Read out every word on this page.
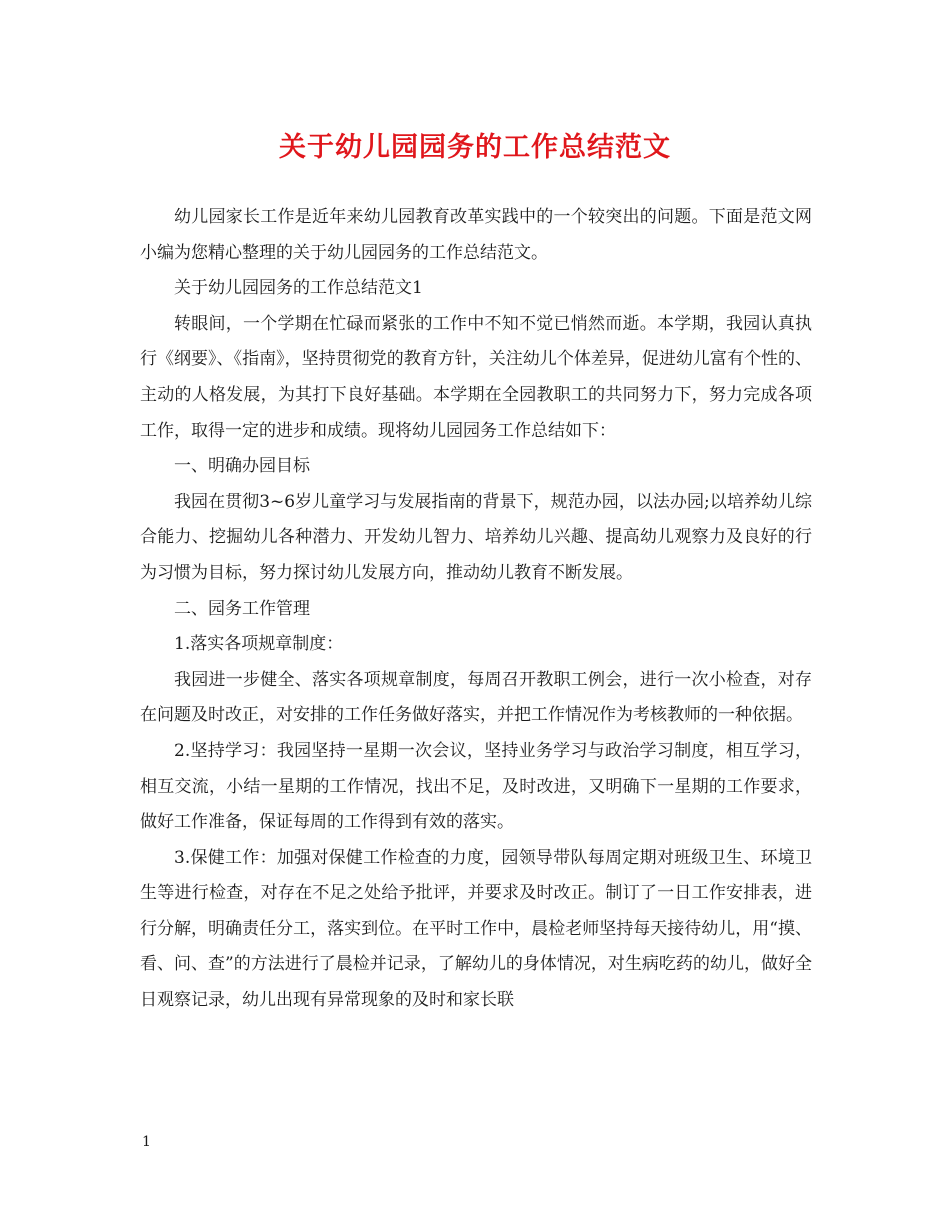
关于幼儿园园务的工作总结范文

幼儿园家长工作是近年来幼儿园教育改革实践中的一个较突出的问题。下面是范文网小编为您精心整理的关于幼儿园园务的工作总结范文。

关于幼儿园园务的工作总结范文1

转眼间，一个学期在忙碌而紧张的工作中不知不觉已悄然而逝。本学期，我园认真执行《纲要》、《指南》，坚持贯彻党的教育方针，关注幼儿个体差异，促进幼儿富有个性的、主动的人格发展，为其打下良好基础。本学期在全园教职工的共同努力下，努力完成各项工作，取得一定的进步和成绩。现将幼儿园园务工作总结如下：

一、明确办园目标

我园在贯彻3~6岁儿童学习与发展指南的背景下，规范办园，以法办园;以培养幼儿综合能力、挖掘幼儿各种潜力、开发幼儿智力、培养幼儿兴趣、提高幼儿观察力及良好的行为习惯为目标，努力探讨幼儿发展方向，推动幼儿教育不断发展。

二、园务工作管理

1.落实各项规章制度：

我园进一步健全、落实各项规章制度，每周召开教职工例会，进行一次小检查，对存在问题及时改正，对安排的工作任务做好落实，并把工作情况作为考核教师的一种依据。

2.坚持学习：我园坚持一星期一次会议，坚持业务学习与政治学习制度，相互学习，相互交流，小结一星期的工作情况，找出不足，及时改进，又明确下一星期的工作要求，做好工作准备，保证每周的工作得到有效的落实。

3.保健工作：加强对保健工作检查的力度，园领导带队每周定期对班级卫生、环境卫生等进行检查，对存在不足之处给予批评，并要求及时改正。制订了一日工作安排表，进行分解，明确责任分工，落实到位。在平时工作中，晨检老师坚持每天接待幼儿，用“摸、看、问、查”的方法进行了晨检并记录，了解幼儿的身体情况，对生病吃药的幼儿，做好全日观察记录，幼儿出现有异常现象的及时和家长联

1
